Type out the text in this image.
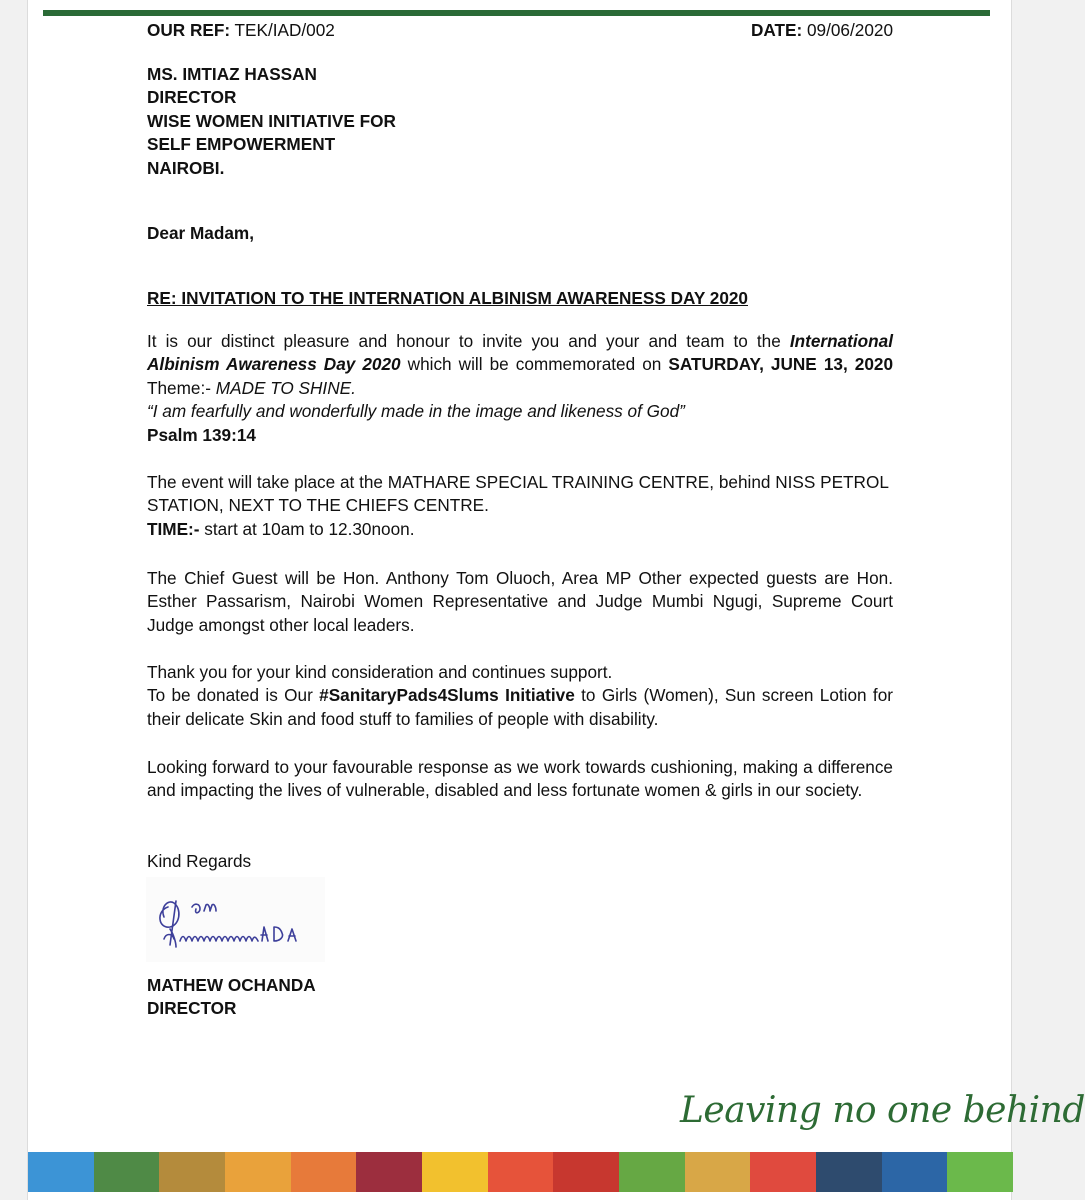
OUR REF: TEK/IAD/002	DATE: 09/06/2020

MS. IMTIAZ HASSAN

DIRECTOR

WISE WOMEN INITIATIVE FOR

SELF EMPOWERMENT

NAIROBI.

Dear Madam,
RE: INVITATION TO THE INTERNATION ALBINISM AWARENESS DAY 2020

It is our distinct pleasure and honour to invite you and your and team to the International Albinism Awareness Day 2020 which will be commemorated on SATURDAY, JUNE 13, 2020 Theme:- MADE TO SHINE.

“I am fearfully and wonderfully made in the image and likeness of God”

Psalm 139:14

The event will take place at the MATHARE SPECIAL TRAINING CENTRE, behind NISS PETROL STATION, NEXT TO THE CHIEFS CENTRE.

TIME:- start at 10am to 12.30noon.

The Chief Guest will be Hon. Anthony Tom Oluoch, Area MP Other expected guests are Hon. Esther Passarism, Nairobi Women Representative and Judge Mumbi Ngugi, Supreme Court Judge amongst other local leaders.

Thank you for your kind consideration and continues support.

To be donated is Our #SanitaryPads4Slums Initiative to Girls (Women), Sun screen Lotion for their delicate Skin and food stuff to families of people with disability.

Looking forward to your favourable response as we work towards cushioning, making a difference and impacting the lives of vulnerable, disabled and less fortunate women & girls in our society.
Kind Regards

MATHEW OCHANDA

DIRECTOR

Leaving no one behind
